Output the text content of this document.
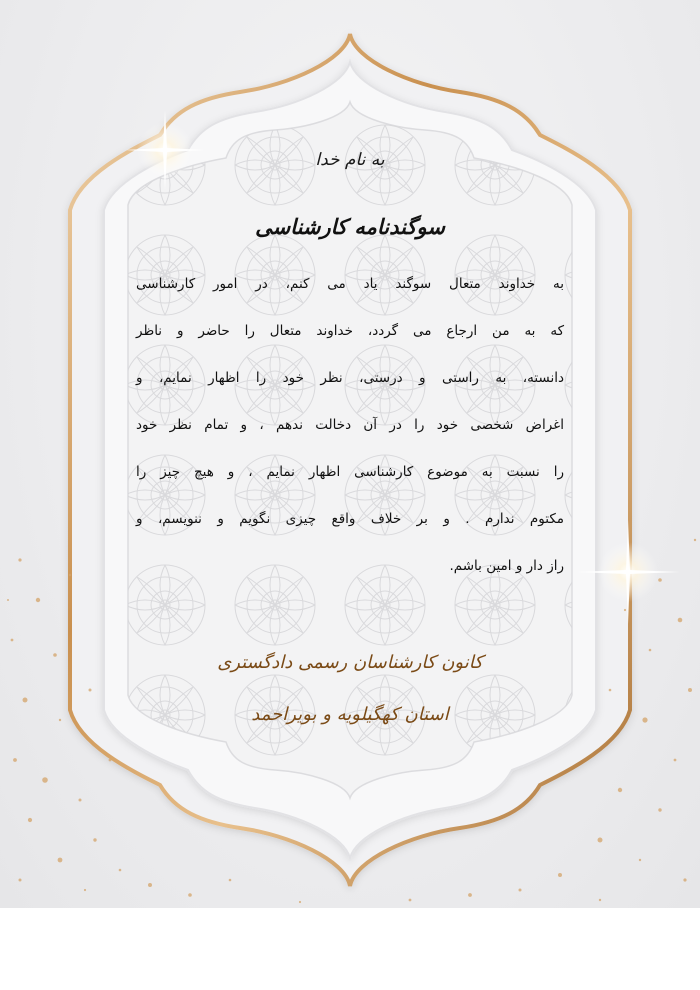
به نام خدا
سوگندنامه کارشناسی
به خداوند متعال سوگند یاد می کنم، در امور کارشناسی
که به من ارجاع می گردد، خداوند متعال را حاضر و ناظر
دانسته، به راستی و درستی، نظر خود را اظهار نمایم، و
اغراض شخصی خود را در آن دخالت ندهم ، و تمام نظر خود
را نسبت به موضوع کارشناسی اظهار نمایم ، و هیچ چیز را
مکتوم ندارم . و بر خلاف واقع چیزی نگویم و ننویسم، و
راز دار و امین باشم.
کانون کارشناسان رسمی دادگستری
استان کهگیلویه و بویراحمد
